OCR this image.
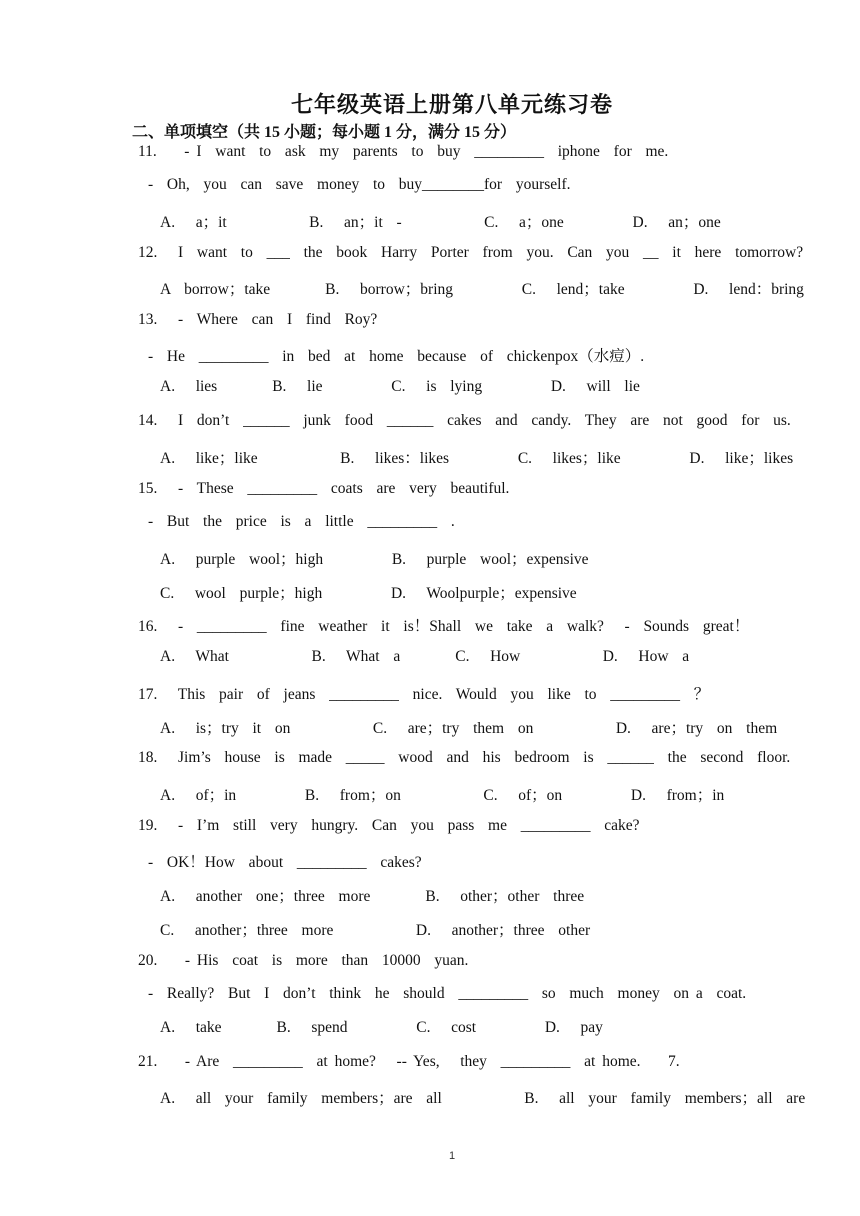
七年级英语上册第八单元练习卷
二、单项填空（共 15 小题；每小题 1 分，满分 15 分）
11.    - I  want  to  ask  my  parents  to  buy  _________  iphone  for  me.
-  Oh,  you  can  save  money  to  buy________for  yourself.
A.   a；it            B.   an；it  -            C.   a；one          D.   an；one
12.   I  want  to  ___  the  book  Harry  Porter  from  you.  Can  you  __  it  here  tomorrow?
A  borrow；take        B.   borrow；bring          C.   lend；take          D.   lend：bring
13.   -  Where  can  I  find  Roy?
-  He  _________  in  bed  at  home  because  of  chickenpox（水痘）.
A.   lies        B.   lie          C.   is  lying          D.   will  lie
14.   I  don’t  ______  junk  food  ______  cakes  and  candy.  They  are  not  good  for  us.
A.   like；like            B.   likes：likes          C.   likes；like          D.   like；likes
15.   -  These  _________  coats  are  very  beautiful.
-  But  the  price  is  a  little  _________  .
A.   purple  wool；high          B.   purple  wool；expensive
C.   wool  purple；high          D.   Woolpurple；expensive
16.   -  _________  fine  weather  it  is！Shall  we  take  a  walk?   -  Sounds  great！
A.   What            B.   What  a        C.   How            D.   How  a
17.   This  pair  of  jeans  _________  nice.  Would  you  like  to  _________  ？
A.   is；try  it  on            C.   are；try  them  on            D.   are；try  on  them
18.   Jim’s  house  is  made  _____  wood  and  his  bedroom  is  ______  the  second  floor.
A.   of；in          B.   from；on            C.   of；on          D.   from；in
19.   -  I’m  still  very  hungry.  Can  you  pass  me  _________  cake?
-  OK！How  about  _________  cakes?
A.   another  one；three  more        B.   other；other  three
C.   another；three  more            D.   another；three  other
20.    - His  coat  is  more  than  10000  yuan.
-  Really?  But  I  don’t  think  he  should  _________  so  much  money  on a  coat.
A.   take        B.   spend          C.   cost          D.   pay
21.    - Are  _________  at home?   -- Yes,   they  _________  at home.    7.
A.   all  your  family  members；are  all            B.   all  your  family  members；all  are
1
